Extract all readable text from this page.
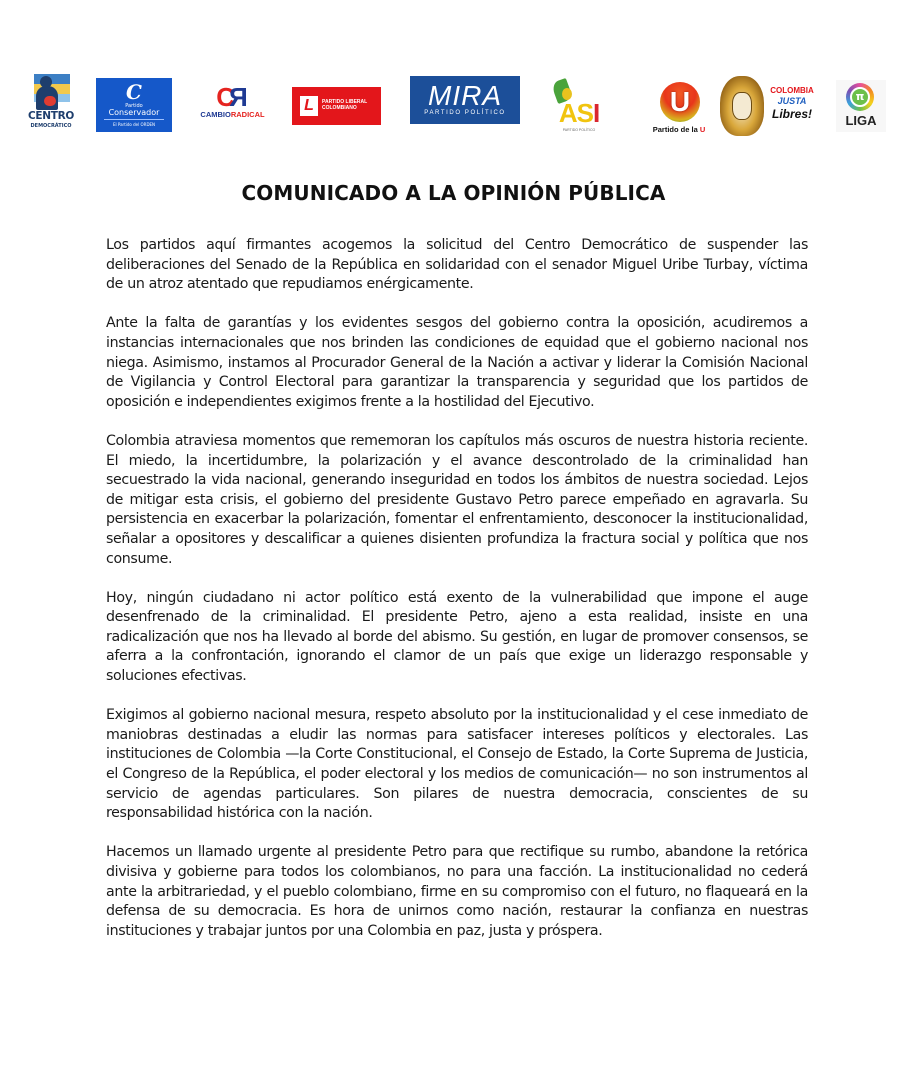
CENTRO
DEMOCRÁTICO
C
Partido
Conservador
El Partido del ORDEN
CR
CAMBIORADICAL
L	PARTIDO LIBERAL COLOMBIANO	MIRA
PARTIDO POLÍTICO	ASI
PARTIDO POLÍTICO
U
Partido de la U
COLOMBIA
JUSTA
Libres!
π
LIGA
COMUNICADO A LA OPINIÓN PÚBLICA

Los partidos aquí firmantes acogemos la solicitud del Centro Democrático de suspender las deliberaciones del Senado de la República en solidaridad con el senador Miguel Uribe Turbay, víctima de un atroz atentado que repudiamos enérgicamente.

Ante la falta de garantías y los evidentes sesgos del gobierno contra la oposición, acudiremos a instancias internacionales que nos brinden las condiciones de equidad que el gobierno nacional nos niega. Asimismo, instamos al Procurador General de la Nación a activar y liderar la Comisión Nacional de Vigilancia y Control Electoral para garantizar la transparencia y seguridad que los partidos de oposición e independientes exigimos frente a la hostilidad del Ejecutivo.

Colombia atraviesa momentos que rememoran los capítulos más oscuros de nuestra historia reciente. El miedo, la incertidumbre, la polarización y el avance descontrolado de la criminalidad han secuestrado la vida nacional, generando inseguridad en todos los ámbitos de nuestra sociedad. Lejos de mitigar esta crisis, el gobierno del presidente Gustavo Petro parece empeñado en agravarla. Su persistencia en exacerbar la polarización, fomentar el enfrentamiento, desconocer la institucionalidad, señalar a opositores y descalificar a quienes disienten profundiza la fractura social y política que nos consume.

Hoy, ningún ciudadano ni actor político está exento de la vulnerabilidad que impone el auge desenfrenado de la criminalidad. El presidente Petro, ajeno a esta realidad, insiste en una radicalización que nos ha llevado al borde del abismo. Su gestión, en lugar de promover consensos, se aferra a la confrontación, ignorando el clamor de un país que exige un liderazgo responsable y soluciones efectivas.

Exigimos al gobierno nacional mesura, respeto absoluto por la institucionalidad y el cese inmediato de maniobras destinadas a eludir las normas para satisfacer intereses políticos y electorales. Las instituciones de Colombia —la Corte Constitucional, el Consejo de Estado, la Corte Suprema de Justicia, el Congreso de la República, el poder electoral y los medios de comunicación— no son instrumentos al servicio de agendas particulares. Son pilares de nuestra democracia, conscientes de su responsabilidad histórica con la nación.

Hacemos un llamado urgente al presidente Petro para que rectifique su rumbo, abandone la retórica divisiva y gobierne para todos los colombianos, no para una facción. La institucionalidad no cederá ante la arbitrariedad, y el pueblo colombiano, firme en su compromiso con el futuro, no flaqueará en la defensa de su democracia. Es hora de unirnos como nación, restaurar la confianza en nuestras instituciones y trabajar juntos por una Colombia en paz, justa y próspera.
